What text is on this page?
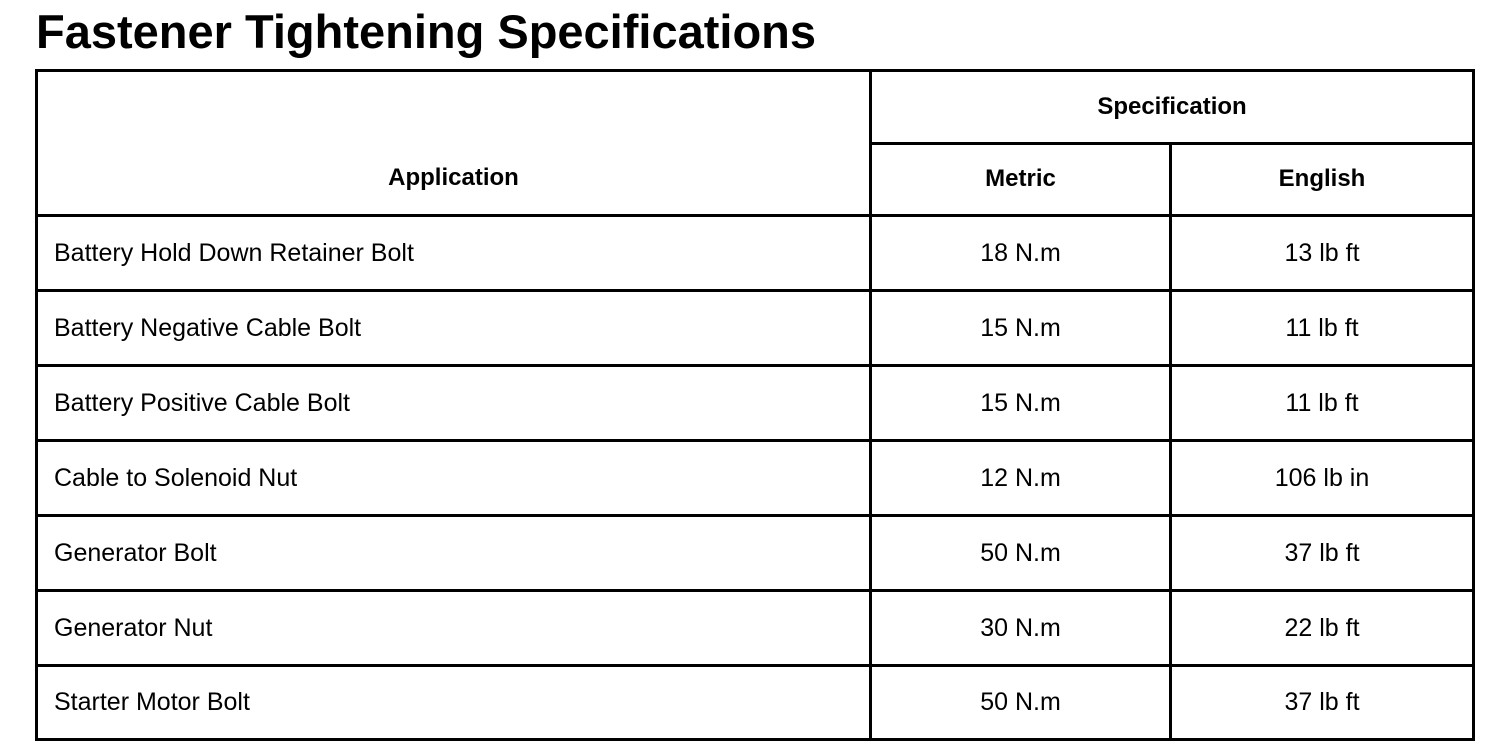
Fastener Tightening Specifications
Application	Specification	
	Metric	English
Battery Hold Down Retainer Bolt	18 N.m	13 lb ft
Battery Negative Cable Bolt	15 N.m	11 lb ft
Battery Positive Cable Bolt	15 N.m	11 lb ft
Cable to Solenoid Nut	12 N.m	106 lb in
Generator Bolt	50 N.m	37 lb ft
Generator Nut	30 N.m	22 lb ft
Starter Motor Bolt	50 N.m	37 lb ft
